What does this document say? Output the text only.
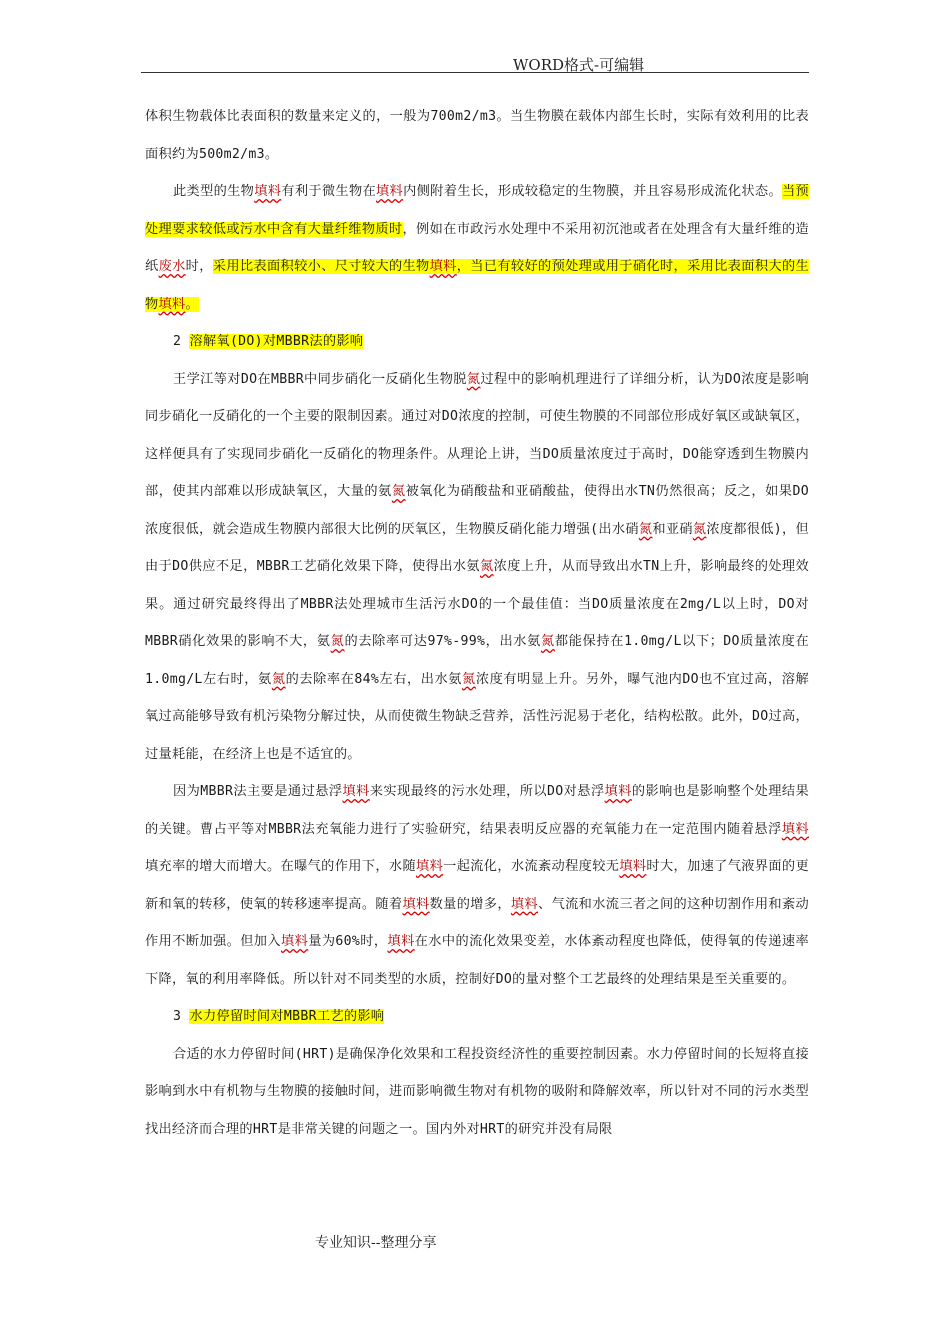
WORD格式-可编辑

体积生物载体比表面积的数量来定义的，一般为700m2/m3。当生物膜在载体内部生长时，实际有效利用的比表面积约为500m2/m3。

此类型的生物填料有利于微生物在填料内侧附着生长，形成较稳定的生物膜，并且容易形成流化状态。当预处理要求较低或污水中含有大量纤维物质时，例如在市政污水处理中不采用初沉池或者在处理含有大量纤维的造纸废水时，采用比表面积较小、尺寸较大的生物填料，当已有较好的预处理或用于硝化时，采用比表面积大的生物填料。

2 溶解氧(DO)对MBBR法的影响

王学江等对DO在MBBR中同步硝化一反硝化生物脱氮过程中的影响机理进行了详细分析，认为DO浓度是影响同步硝化一反硝化的一个主要的限制因素。通过对DO浓度的控制，可使生物膜的不同部位形成好氧区或缺氧区，这样便具有了实现同步硝化一反硝化的物理条件。从理论上讲，当DO质量浓度过于高时，DO能穿透到生物膜内部，使其内部难以形成缺氧区，大量的氨氮被氧化为硝酸盐和亚硝酸盐，使得出水TN仍然很高；反之，如果DO浓度很低，就会造成生物膜内部很大比例的厌氧区，生物膜反硝化能力增强(出水硝氮和亚硝氮浓度都很低)，但由于DO供应不足，MBBR工艺硝化效果下降，使得出水氨氮浓度上升，从而导致出水TN上升，影响最终的处理效果。通过研究最终得出了MBBR法处理城市生活污水DO的一个最佳值：当DO质量浓度在2mg/L以上时，DO对MBBR硝化效果的影响不大，氨氮的去除率可达97%-99%，出水氨氮都能保持在1.0mg/L以下；DO质量浓度在1.0mg/L左右时，氨氮的去除率在84%左右，出水氨氮浓度有明显上升。另外，曝气池内DO也不宜过高，溶解氧过高能够导致有机污染物分解过快，从而使微生物缺乏营养，活性污泥易于老化，结构松散。此外，DO过高，过量耗能，在经济上也是不适宜的。

因为MBBR法主要是通过悬浮填料来实现最终的污水处理，所以DO对悬浮填料的影响也是影响整个处理结果的关键。曹占平等对MBBR法充氧能力进行了实验研究，结果表明反应器的充氧能力在一定范围内随着悬浮填料填充率的增大而增大。在曝气的作用下，水随填料一起流化，水流紊动程度较无填料时大，加速了气液界面的更新和氧的转移，使氧的转移速率提高。随着填料数量的增多，填料、气流和水流三者之间的这种切割作用和紊动作用不断加强。但加入填料量为60%时，填料在水中的流化效果变差，水体紊动程度也降低，使得氧的传递速率下降，氧的利用率降低。所以针对不同类型的水质，控制好DO的量对整个工艺最终的处理结果是至关重要的。

3 水力停留时间对MBBR工艺的影响

合适的水力停留时间(HRT)是确保净化效果和工程投资经济性的重要控制因素。水力停留时间的长短将直接影响到水中有机物与生物膜的接触时间，进而影响微生物对有机物的吸附和降解效率，所以针对不同的污水类型找出经济而合理的HRT是非常关键的问题之一。国内外对HRT的研究并没有局限

专业知识--整理分享
